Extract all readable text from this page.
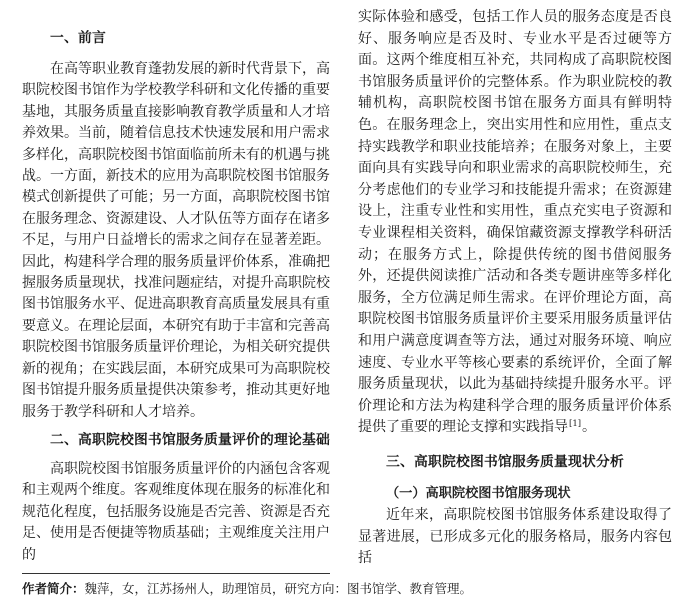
一、前言

在高等职业教育蓬勃发展的新时代背景下，高职院校图书馆作为学校教学科研和文化传播的重要基地，其服务质量直接影响教育教学质量和人才培养效果。当前，随着信息技术快速发展和用户需求多样化，高职院校图书馆面临前所未有的机遇与挑战。一方面，新技术的应用为高职院校图书馆服务模式创新提供了可能；另一方面，高职院校图书馆在服务理念、资源建设、人才队伍等方面存在诸多不足，与用户日益增长的需求之间存在显著差距。因此，构建科学合理的服务质量评价体系，准确把握服务质量现状，找准问题症结，对提升高职院校图书馆服务水平、促进高职教育高质量发展具有重要意义。在理论层面，本研究有助于丰富和完善高职院校图书馆服务质量评价理论，为相关研究提供新的视角；在实践层面，本研究成果可为高职院校图书馆提升服务质量提供决策参考，推动其更好地服务于教学科研和人才培养。

二、高职院校图书馆服务质量评价的理论基础

高职院校图书馆服务质量评价的内涵包含客观和主观两个维度。客观维度体现在服务的标准化和规范化程度，包括服务设施是否完善、资源是否充足、使用是否便捷等物质基础；主观维度关注用户的

实际体验和感受，包括工作人员的服务态度是否良好、服务响应是否及时、专业水平是否过硬等方面。这两个维度相互补充，共同构成了高职院校图书馆服务质量评价的完整体系。作为职业院校的教辅机构，高职院校图书馆在服务方面具有鲜明特色。在服务理念上，突出实用性和应用性，重点支持实践教学和职业技能培养；在服务对象上，主要面向具有实践导向和职业需求的高职院校师生，充分考虑他们的专业学习和技能提升需求；在资源建设上，注重专业性和实用性，重点充实电子资源和专业课程相关资料，确保馆藏资源支撑教学科研活动；在服务方式上，除提供传统的图书借阅服务外，还提供阅读推广活动和各类专题讲座等多样化服务，全方位满足师生需求。在评价理论方面，高职院校图书馆服务质量评价主要采用服务质量评估和用户满意度调查等方法，通过对服务环境、响应速度、专业水平等核心要素的系统评价，全面了解服务质量现状，以此为基础持续提升服务水平。评价理论和方法为构建科学合理的服务质量评价体系提供了重要的理论支撑和实践指导[1]。

三、高职院校图书馆服务质量现状分析
（一）高职院校图书馆服务现状

近年来，高职院校图书馆服务体系建设取得了显著进展，已形成多元化的服务格局，服务内容包括

作者简介：魏萍，女，江苏扬州人，助理馆员，研究方向：图书馆学、教育管理。
